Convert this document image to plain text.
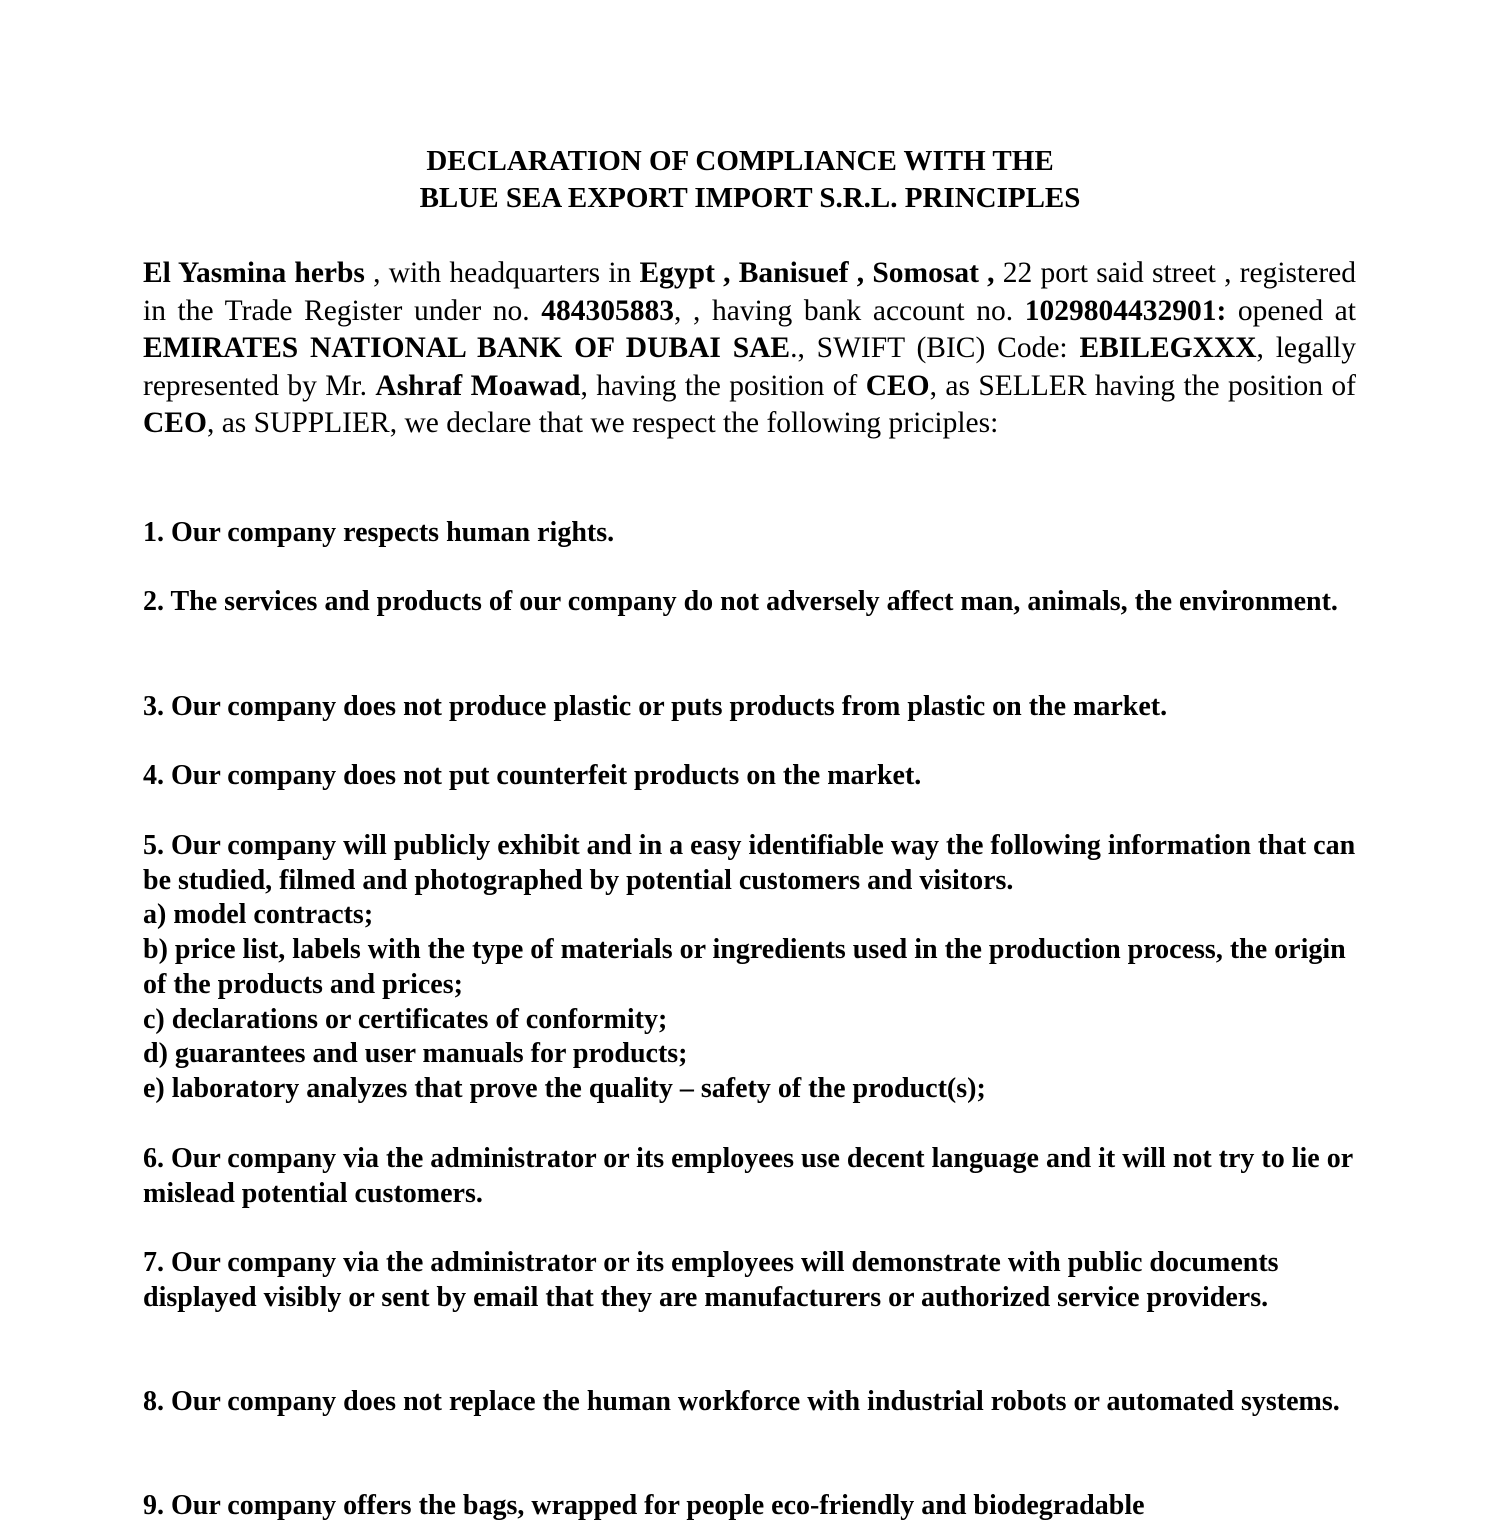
DECLARATION OF COMPLIANCE WITH THE
BLUE SEA EXPORT IMPORT S.R.L. PRINCIPLES

El Yasmina herbs , with headquarters in Egypt , Banisuef , Somosat , 22 port said street , registered in the Trade Register under no. 484305883, , having bank account no. 1029804432901: opened at EMIRATES NATIONAL BANK OF DUBAI SAE., SWIFT (BIC) Code: EBILEGXXX, legally represented by Mr. Ashraf Moawad, having the position of CEO, as SELLER having the position of CEO, as SUPPLIER, we declare that we respect the following priciples:

1. Our company respects human rights.

2. The services and products of our company do not adversely affect man, animals, the environment.

3. Our company does not produce plastic or puts products from plastic on the market.

4. Our company does not put counterfeit products on the market.

5. Our company will publicly exhibit and in a easy identifiable way the following information that can be studied, filmed and photographed by potential customers and visitors.

a) model contracts;

b) price list, labels with the type of materials or ingredients used in the production process, the origin of the products and prices;

c) declarations or certificates of conformity;

d) guarantees and user manuals for products;

e) laboratory analyzes that prove the quality – safety of the product(s);

6. Our company via the administrator or its employees use decent language and it will not try to lie or mislead potential customers.

7. Our company via the administrator or its employees will demonstrate with public documents displayed visibly or sent by email that they are manufacturers or authorized service providers.

8. Our company does not replace the human workforce with industrial robots or automated systems.

9. Our company offers the bags, wrapped for people eco-friendly and biodegradable
